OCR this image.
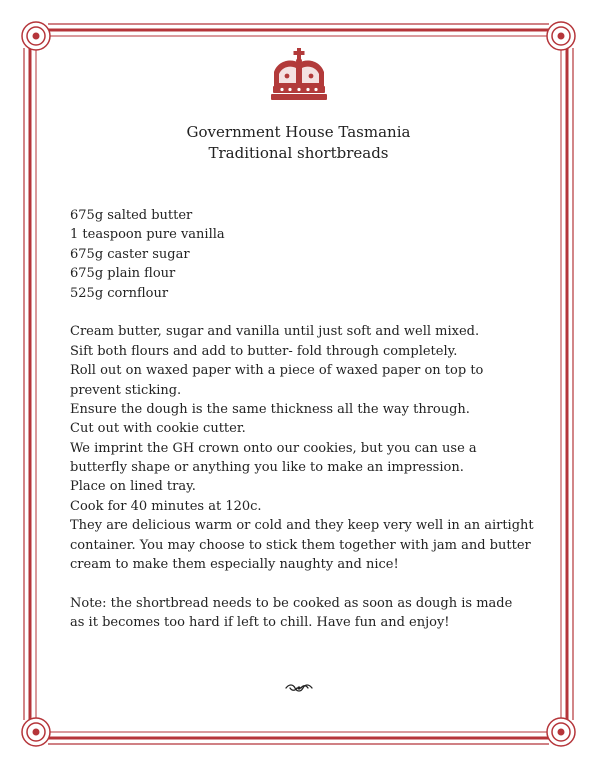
Government House Tasmania
Traditional shortbreads
675g salted butter
1 teaspoon pure vanilla
675g caster sugar
675g plain flour
525g cornflour
Cream butter, sugar and vanilla until just soft and well mixed.
Sift both flours and add to butter- fold through completely.
Roll out on waxed paper with a piece of waxed paper on top to
prevent sticking.
Ensure the dough is the same thickness all the way through.
Cut out with cookie cutter.
We imprint the GH crown onto our cookies, but you can use a
butterfly shape or anything you like to make an impression.
Place on lined tray.
Cook for 40 minutes at 120c.
They are delicious warm or cold and they keep very well in an airtight
container. You may choose to stick them together with jam and butter
cream to make them especially naughty and nice!
Note: the shortbread needs to be cooked as soon as dough is made
as it becomes too hard if left to chill. Have fun and enjoy!
